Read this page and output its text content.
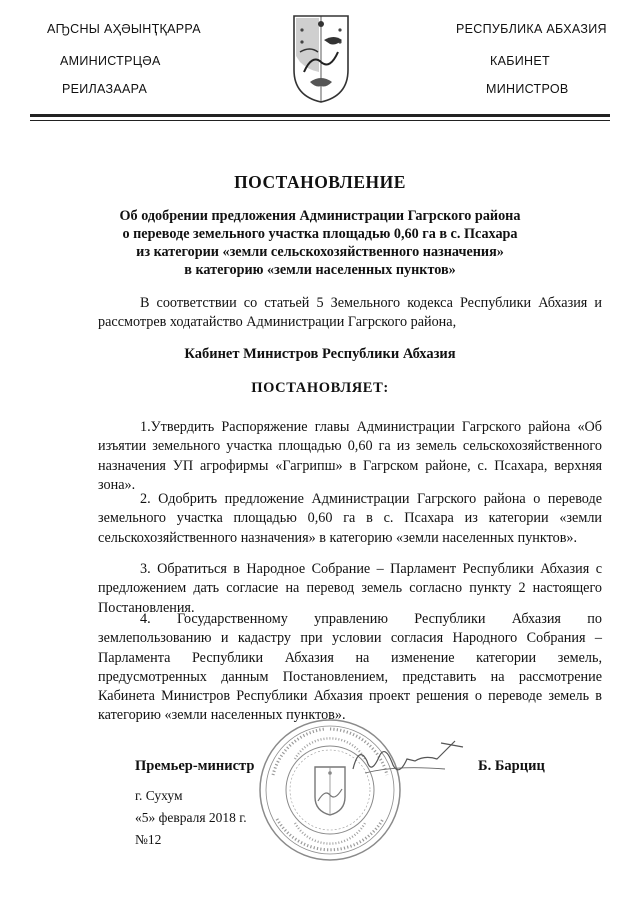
АҦСНЫ АҲӘЫНҬҚАРРА
АМИНИСТРЦӘА
РЕИЛАЗААРА
РЕСПУБЛИКА АБХАЗИЯ
КАБИНЕТ
МИНИСТРОВ
ПОСТАНОВЛЕНИЕ
Об одобрении предложения Администрации Гагрского района
о переводе земельного участка площадью 0,60 га в с. Псахара
из категории «земли сельскохозяйственного назначения»
в категорию «земли населенных пунктов»

В соответствии со статьей 5 Земельного кодекса Республики Абхазия и рассмотрев ходатайство Администрации Гагрского района,

Кабинет Министров Республики Абхазия
ПОСТАНОВЛЯЕТ:

1.Утвердить Распоряжение главы Администрации Гагрского района «Об изъятии земельного участка площадью 0,60 га из земель сельскохозяйственного назначения УП агрофирмы «Гагрипш» в Гагрском районе, с. Псахара, верхняя зона».

2. Одобрить предложение Администрации Гагрского района о переводе земельного участка площадью 0,60 га в с. Псахара из категории «земли сельскохозяйственного назначения» в категорию «земли населенных пунктов».

3. Обратиться в Народное Собрание – Парламент Республики Абхазия с предложением дать согласие на перевод земель согласно пункту 2 настоящего Постановления.

4. Государственному управлению Республики Абхазия по землепользованию и кадастру при условии согласия Народного Собрания – Парламента Республики Абхазия на изменение категории земель, предусмотренных данным Постановлением, представить на рассмотрение Кабинета Министров Республики Абхазия проект решения о переводе земель в категорию «земли населенных пунктов».

Премьер-министр	Б. Барциц
г. Сухум
«5» февраля 2018 г.
№12
